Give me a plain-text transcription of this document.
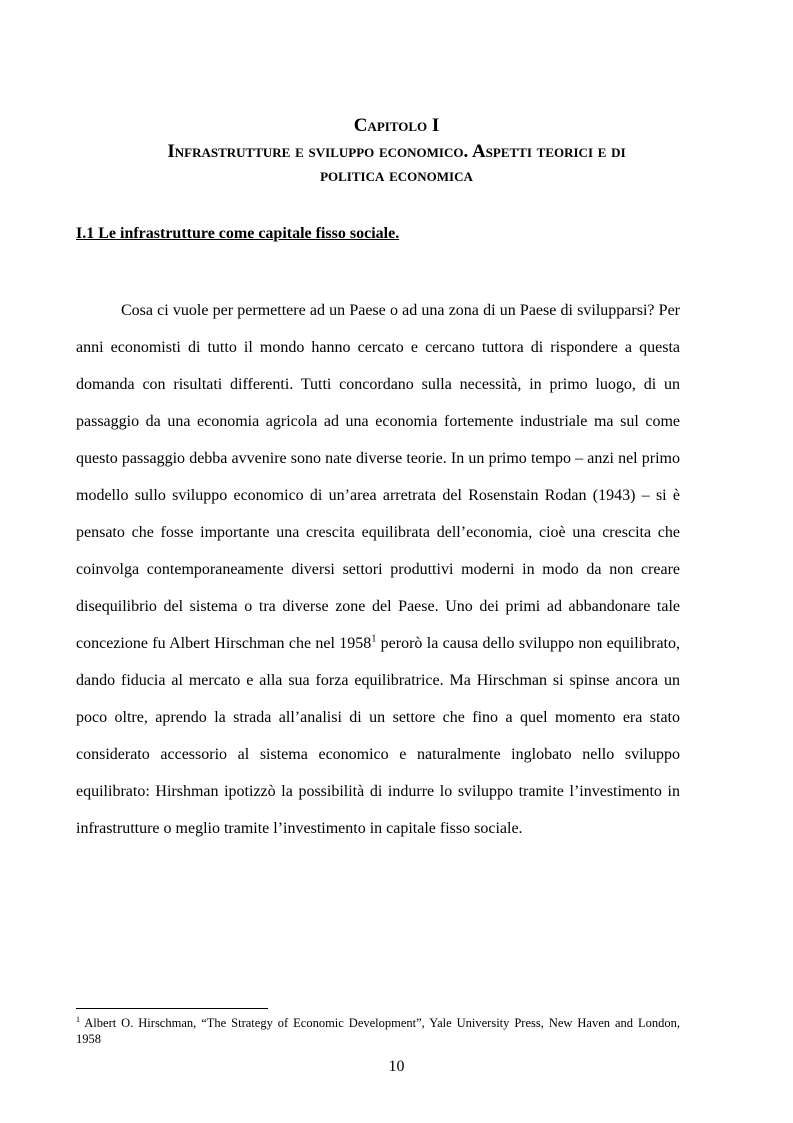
Capitolo I
Infrastrutture e sviluppo economico. Aspetti teorici e di
politica economica
I.1 Le infrastrutture come capitale fisso sociale.

Cosa ci vuole per permettere ad un Paese o ad una zona di un Paese di svilupparsi? Per anni economisti di tutto il mondo hanno cercato e cercano tuttora di rispondere a questa domanda con risultati differenti. Tutti concordano sulla necessità, in primo luogo, di un passaggio da una economia agricola ad una economia fortemente industriale ma sul come questo passaggio debba avvenire sono nate diverse teorie. In un primo tempo – anzi nel primo modello sullo sviluppo economico di un’area arretrata del Rosenstain Rodan (1943) – si è pensato che fosse importante una crescita equilibrata dell’economia, cioè una crescita che coinvolga contemporaneamente diversi settori produttivi moderni in modo da non creare disequilibrio del sistema o tra diverse zone del Paese. Uno dei primi ad abbandonare tale concezione fu Albert Hirschman che nel 1958$^1$ perorò la causa dello sviluppo non equilibrato, dando fiducia al mercato e alla sua forza equilibratrice. Ma Hirschman si spinse ancora un poco oltre, aprendo la strada all’analisi di un settore che fino a quel momento era stato considerato accessorio al sistema economico e naturalmente inglobato nello sviluppo equilibrato: Hirshman ipotizzò la possibilità di indurre lo sviluppo tramite l’investimento in infrastrutture o meglio tramite l’investimento in capitale fisso sociale.

$^1$ Albert O. Hirschman, “The Strategy of Economic Development”, Yale University Press, New Haven and London, 1958

10
